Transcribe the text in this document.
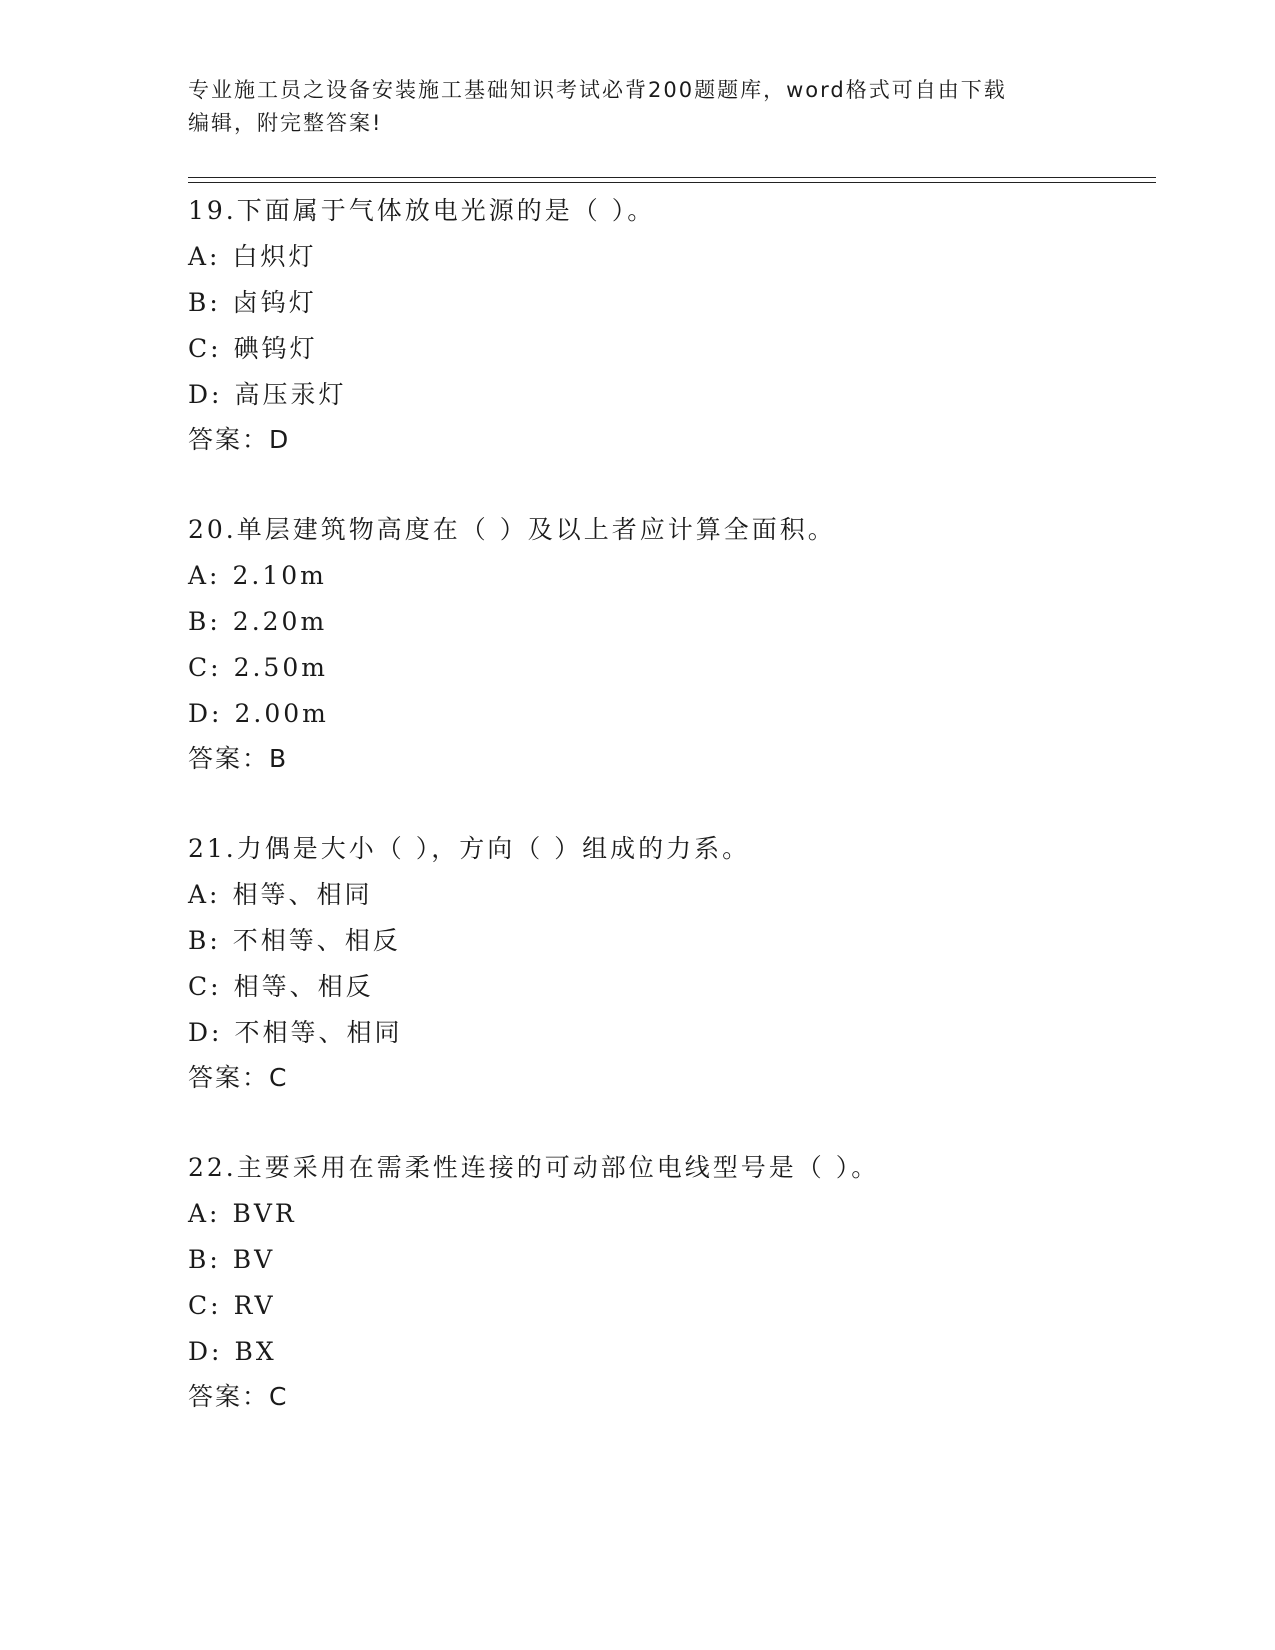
专业施工员之设备安装施工基础知识考试必背200题题库，word格式可自由下载
编辑，附完整答案!
19.下面属于气体放电光源的是（ ）。
A: 白炽灯
B: 卤钨灯
C: 碘钨灯
D: 高压汞灯
答案：D
20.单层建筑物高度在（ ）及以上者应计算全面积。
A: 2.10m
B: 2.20m
C: 2.50m
D: 2.00m
答案：B
21.力偶是大小（ ），方向（ ）组成的力系。
A: 相等、相同
B: 不相等、相反
C: 相等、相反
D: 不相等、相同
答案：C
22.主要采用在需柔性连接的可动部位电线型号是（ ）。
A: BVR
B: BV
C: RV
D: BX
答案：C
